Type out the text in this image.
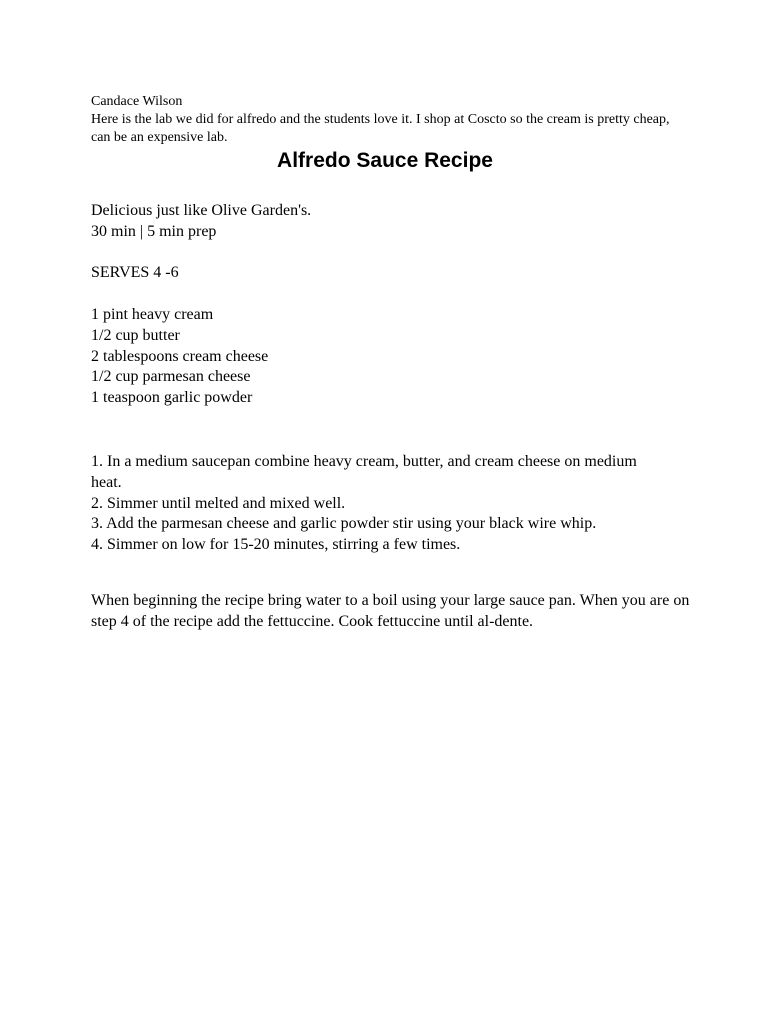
Candace Wilson

Here is the lab we did for alfredo and the students love it. I shop at Coscto so the cream is pretty cheap, can be an expensive lab.

Alfredo Sauce Recipe

Delicious just like Olive Garden's.

30 min | 5 min prep

SERVES 4 -6

1 pint heavy cream
1/2 cup butter
2 tablespoons cream cheese
1/2 cup parmesan cheese
1 teaspoon garlic powder
1. In a medium saucepan combine heavy cream, butter, and cream cheese on medium heat.
2. Simmer until melted and mixed well.
3. Add the parmesan cheese and garlic powder stir using your black wire whip.
4. Simmer on low for 15-20 minutes, stirring a few times.

When beginning the recipe bring water to a boil using your large sauce pan. When you are on step 4 of the recipe add the fettuccine. Cook fettuccine until al-dente.
